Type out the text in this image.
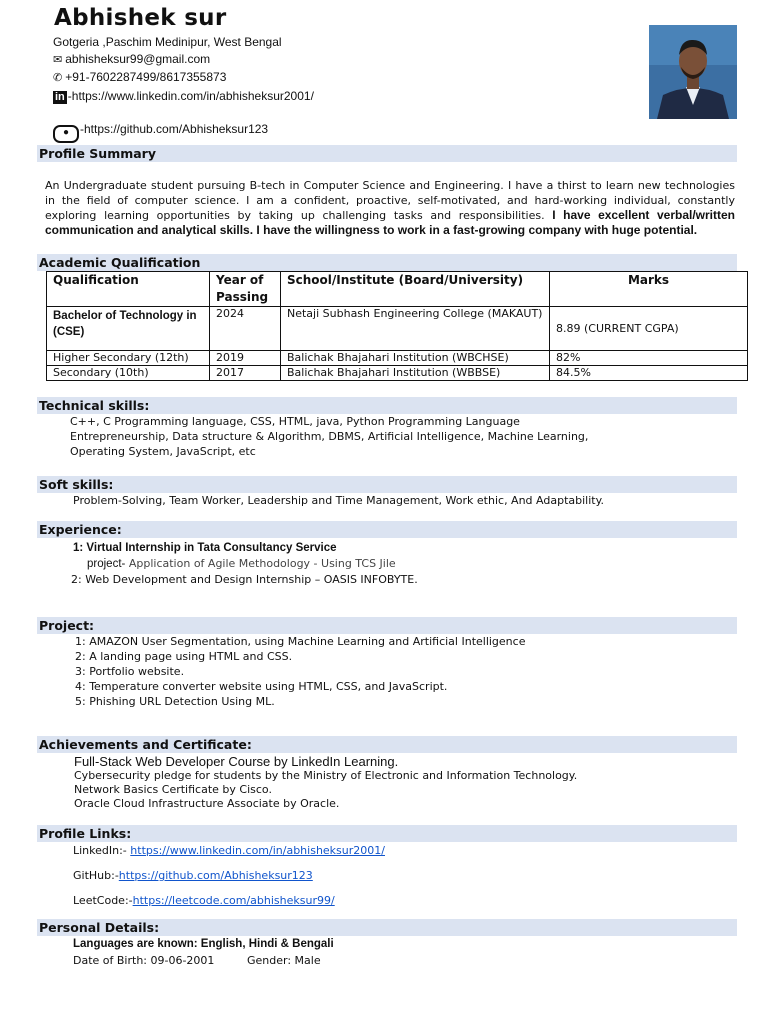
Abhishek sur
Gotgeria ,Paschim Medinipur, West Bengal
✉ abhisheksur99@gmail.com
✆ +91-7602287499/8617355873
in -https://www.linkedin.com/in/abhisheksur2001/
● -https://github.com/Abhisheksur123
Profile Summary
An Undergraduate student pursuing B-tech in Computer Science and Engineering. I have a thirst to learn new technologies in the field of computer science. I am a confident, proactive, self-motivated, and hard-working individual, constantly exploring learning opportunities by taking up challenging tasks and responsibilities. I have excellent verbal/written communication and analytical skills. I have the willingness to work in a fast-growing company with huge potential.
Academic Qualification
Qualification	Year of Passing	School/Institute (Board/University)	Marks
Bachelor of Technology in (CSE)	2024	Netaji Subhash Engineering College (MAKAUT)	8.89 (CURRENT CGPA)
Higher Secondary (12th)	2019	Balichak Bhajahari Institution (WBCHSE)	82%
Secondary (10th)	2017	Balichak Bhajahari Institution (WBBSE)	84.5%
Technical skills:
C++, C Programming language, CSS, HTML, java, Python Programming Language
Entrepreneurship, Data structure & Algorithm, DBMS, Artificial Intelligence, Machine Learning,
Operating System, JavaScript, etc
Soft skills:
Problem-Solving, Team Worker, Leadership and Time Management, Work ethic, And Adaptability.
Experience:
1: Virtual Internship in Tata Consultancy Service
project- Application of Agile Methodology - Using TCS Jile
2: Web Development and Design Internship – OASIS INFOBYTE.
Project:
1: AMAZON User Segmentation, using Machine Learning and Artificial Intelligence
2: A landing page using HTML and CSS.
3: Portfolio website.
4: Temperature converter website using HTML, CSS, and JavaScript.
5: Phishing URL Detection Using ML.
Achievements and Certificate:
Full-Stack Web Developer Course by LinkedIn Learning.
Cybersecurity pledge for students by the Ministry of Electronic and Information Technology.
Network Basics Certificate by Cisco.
Oracle Cloud Infrastructure Associate by Oracle.
Profile Links:
LinkedIn:- https://www.linkedin.com/in/abhisheksur2001/
GitHub:-https://github.com/Abhisheksur123
LeetCode:-https://leetcode.com/abhisheksur99/
Personal Details:
Languages are known: English, Hindi & Bengali
Date of Birth: 09-06-2001	Gender: Male
